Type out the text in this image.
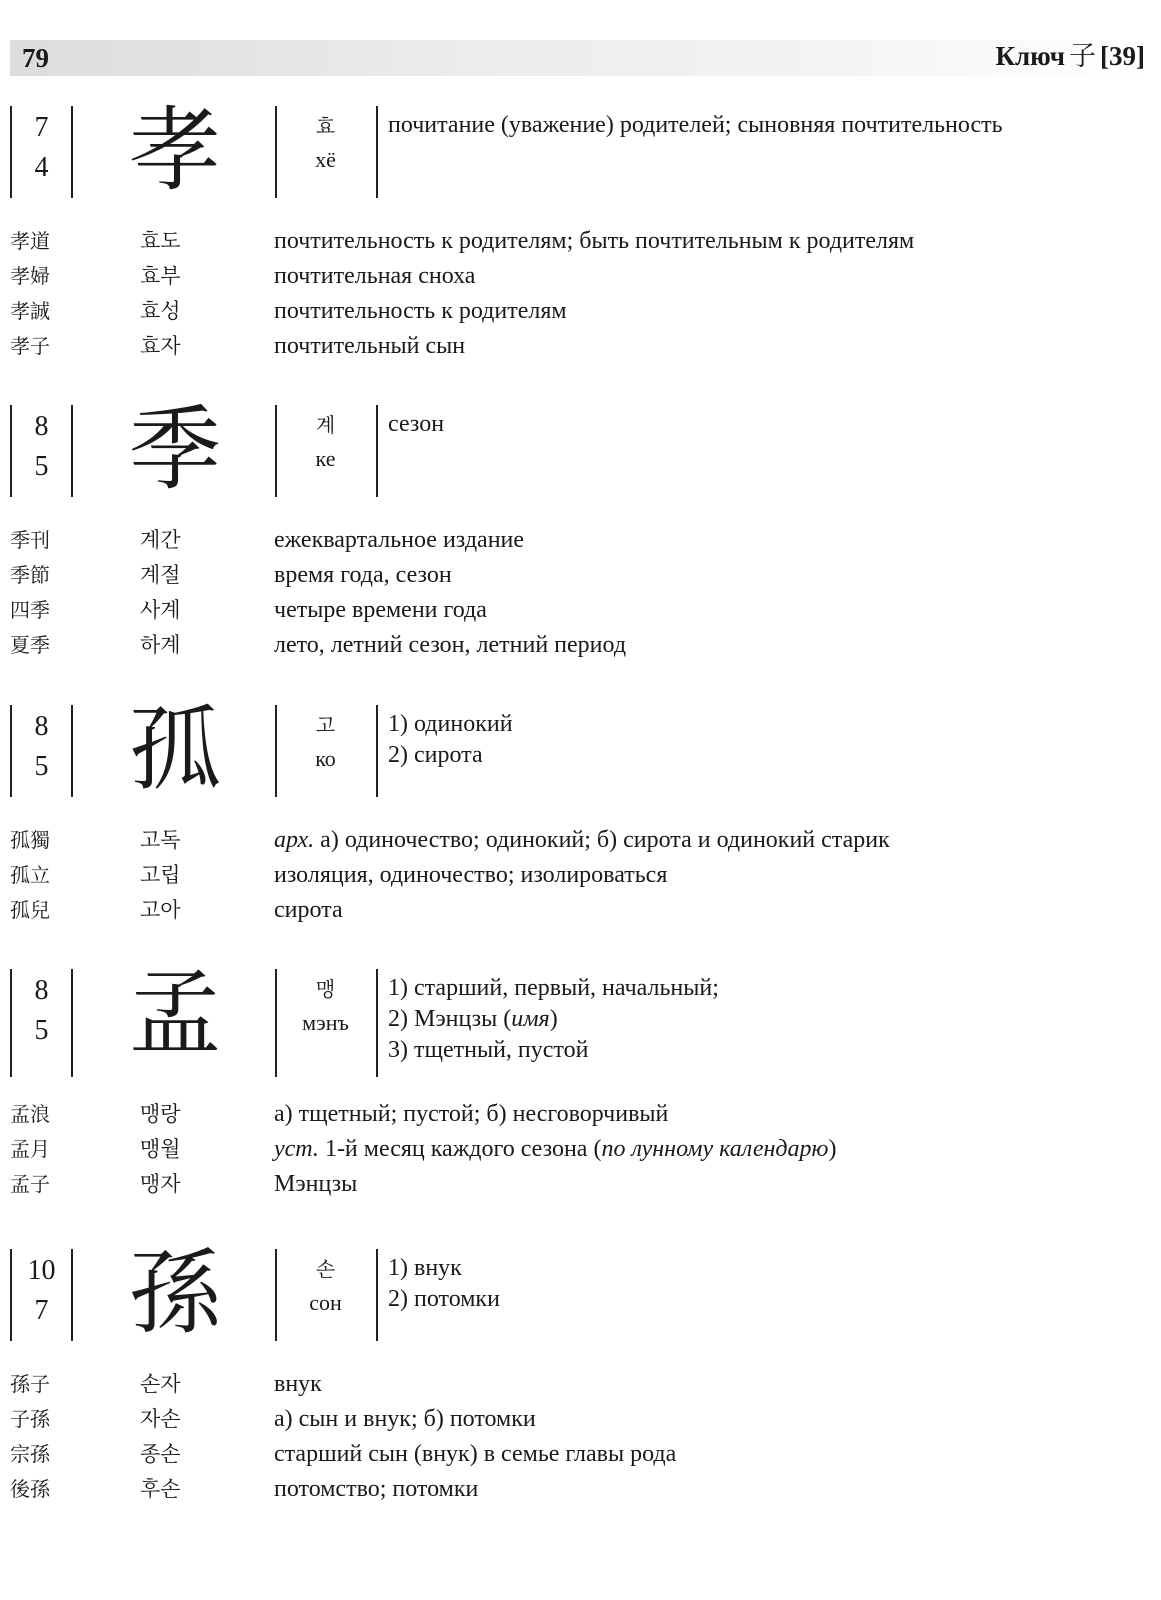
79	Ключ 子 [39]
7
4 孝	효
хё
почитание (уважение) родителей; сыновняя почтительность
孝道	효도	почтительность к родителям; быть почтительным к родителям
孝婦	효부	почтительная сноха
孝誠	효성	почтительность к родителям
孝子	효자	почтительный сын
8
5 季	계
ке
сезон
季刊	계간	ежеквартальное издание
季節	계절	время года, сезон
四季	사계	четыре времени года
夏季	하계	лето, летний сезон, летний период
8
5 孤	고
ко
1) одинокий
2) сирота
孤獨	고독	арх. а) одиночество; одинокий; б) сирота и одинокий старик
孤立	고립	изоляция, одиночество; изолироваться
孤兒	고아	сирота
8
5 孟	맹
мэнъ
1) старший, первый, начальный;
2) Мэнцзы (имя)
3) тщетный, пустой
孟浪	맹랑	а) тщетный; пустой; б) несговорчивый
孟月	맹월	уст. 1-й месяц каждого сезона (по лунному календарю)
孟子	맹자	Мэнцзы
10
7 孫	손
сон
1) внук
2) потомки
孫子	손자	внук
子孫	자손	а) сын и внук; б) потомки
宗孫	종손	старший сын (внук) в семье главы рода
後孫	후손	потомство; потомки
